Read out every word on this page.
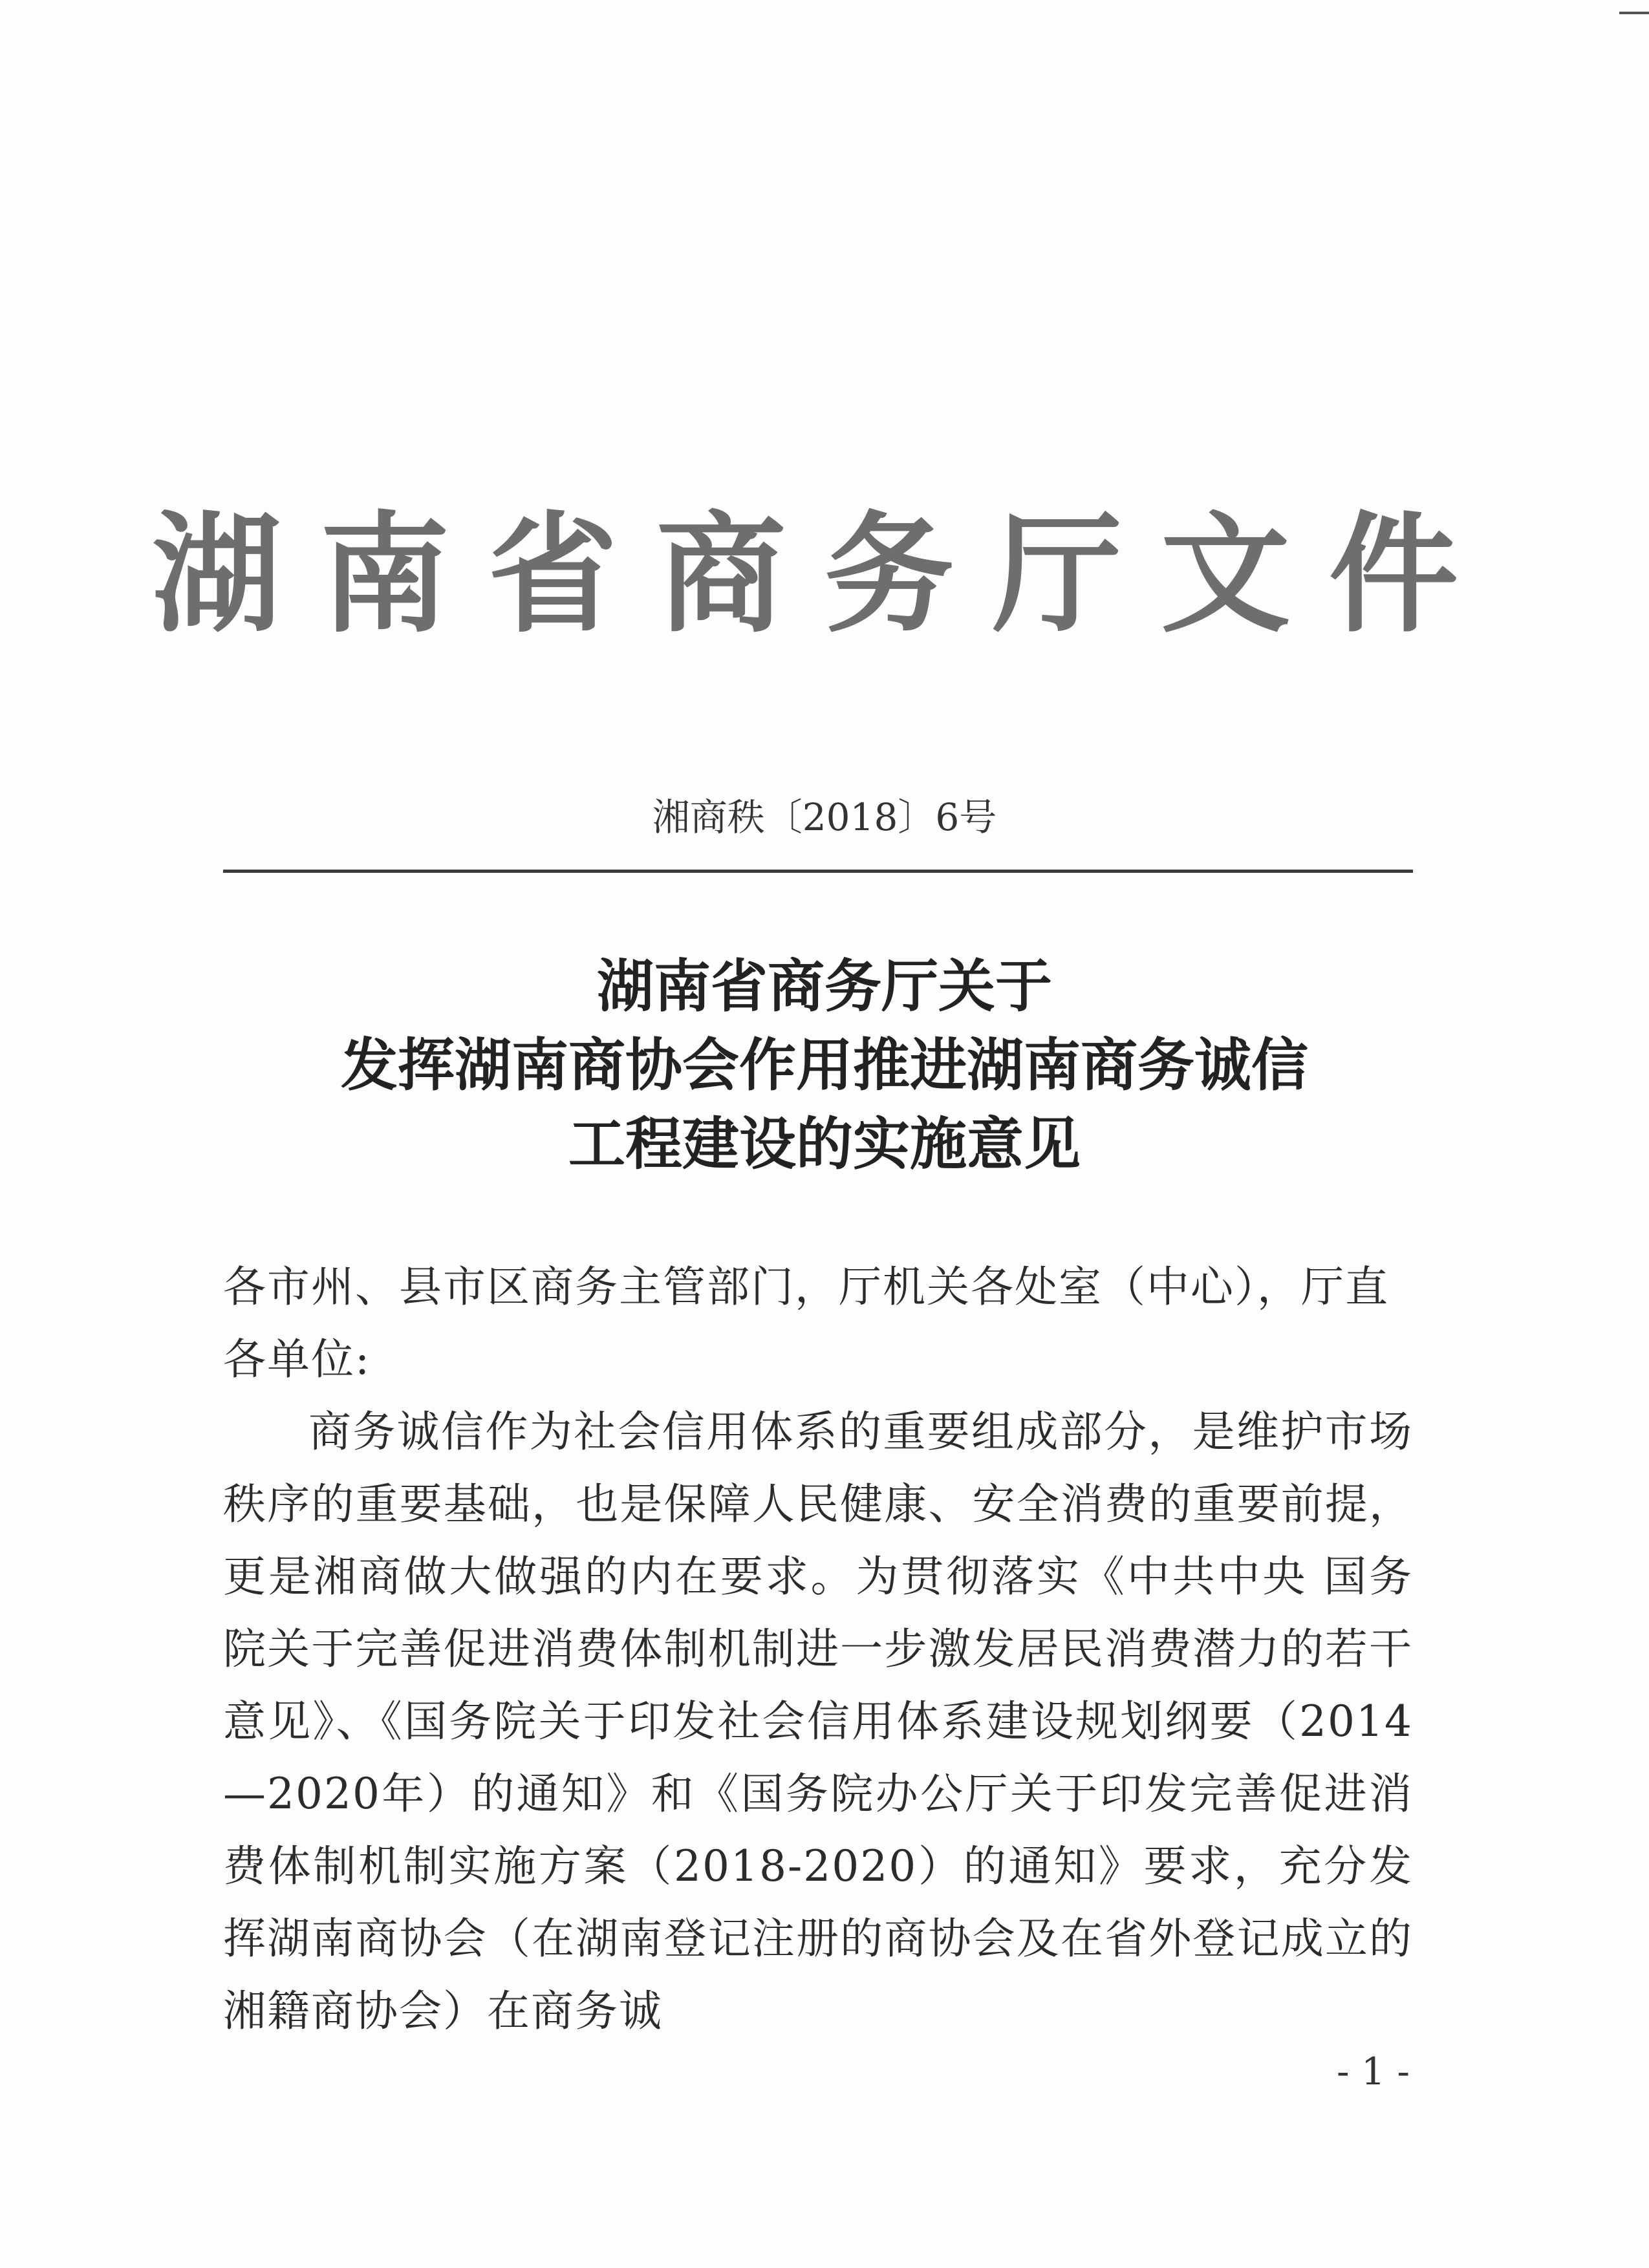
湖南省商务厅文件
湘商秩〔2018〕6号
湖南省商务厅关于
发挥湖南商协会作用推进湖南商务诚信
工程建设的实施意见

各市州、县市区商务主管部门，厅机关各处室（中心），厅直各单位:

商务诚信作为社会信用体系的重要组成部分，是维护市场秩序的重要基础，也是保障人民健康、安全消费的重要前提，更是湘商做大做强的内在要求。为贯彻落实《中共中央 国务院关于完善促进消费体制机制进一步激发居民消费潜力的若干意见》、《国务院关于印发社会信用体系建设规划纲要（2014—2020年）的通知》和《国务院办公厅关于印发完善促进消费体制机制实施方案（2018-2020）的通知》要求，充分发挥湖南商协会（在湖南登记注册的商协会及在省外登记成立的湘籍商协会）在商务诚

- 1 -
